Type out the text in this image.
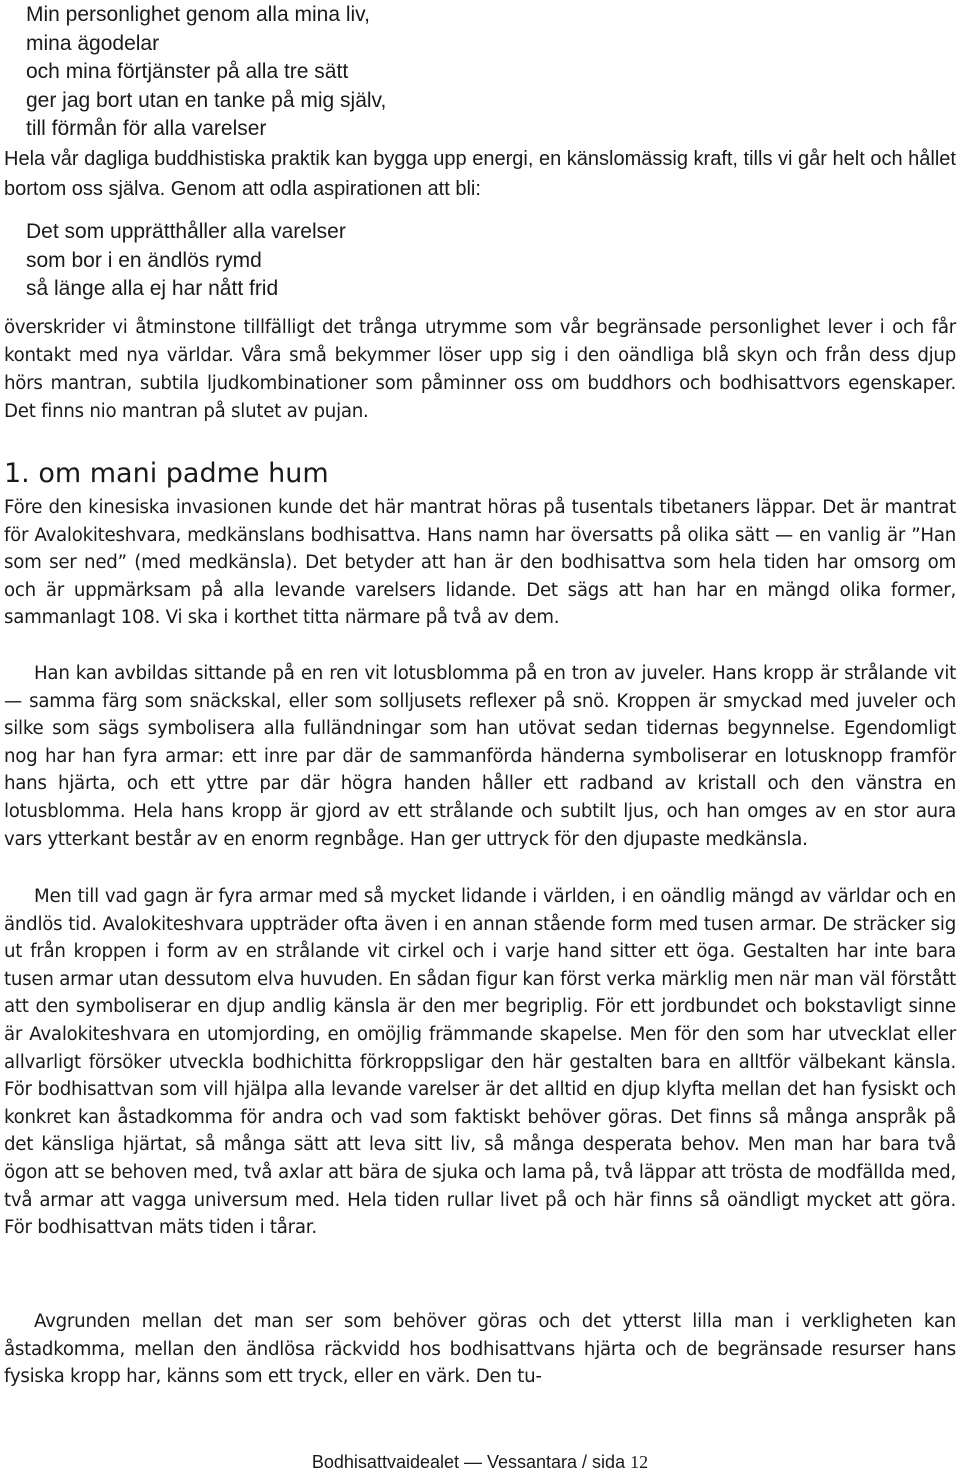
Min personlighet genom alla mina liv,
mina ägodelar
och mina förtjänster på alla tre sätt
ger jag bort utan en tanke på mig själv,
till förmån för alla varelser

Hela vår dagliga buddhistiska praktik kan bygga upp energi, en känslomässig kraft, tills vi går helt och hållet bortom oss själva. Genom att odla aspirationen att bli:

Det som upprätthåller alla varelser
som bor i en ändlös rymd
så länge alla ej har nått frid

överskrider vi åtminstone tillfälligt det trånga utrymme som vår begränsade personlighet lever i och får kontakt med nya världar. Våra små bekymmer löser upp sig i den oändliga blå skyn och från dess djup hörs mantran, subtila ljudkombinationer som påminner oss om buddhors och bodhisattvors egenskaper. Det finns nio mantran på slutet av pujan.

1. om mani padme hum

Före den kinesiska invasionen kunde det här mantrat höras på tusentals tibetaners läppar. Det är mantrat för Avalokiteshvara, medkänslans bodhisattva. Hans namn har översatts på olika sätt — en vanlig är ”Han som ser ned” (med medkänsla). Det betyder att han är den bodhisattva som hela tiden har omsorg om och är uppmärksam på alla levande varelsers lidande. Det sägs att han har en mängd olika former, sammanlagt 108. Vi ska i korthet titta närmare på två av dem.

Han kan avbildas sittande på en ren vit lotusblomma på en tron av juveler. Hans kropp är strålande vit — samma färg som snäckskal, eller som solljusets reflexer på snö. Kroppen är smyckad med juveler och silke som sägs symbolisera alla fulländningar som han utövat sedan tidernas begynnelse. Egendomligt nog har han fyra armar: ett inre par där de sammanförda händerna symboliserar en lotusknopp framför hans hjärta, och ett yttre par där högra handen håller ett radband av kristall och den vänstra en lotusblomma. Hela hans kropp är gjord av ett strålande och subtilt ljus, och han omges av en stor aura vars ytterkant består av en enorm regnbåge. Han ger uttryck för den djupaste medkänsla.

Men till vad gagn är fyra armar med så mycket lidande i världen, i en oändlig mängd av världar och en ändlös tid. Avalokiteshvara uppträder ofta även i en annan stående form med tusen armar. De sträcker sig ut från kroppen i form av en strålande vit cirkel och i varje hand sitter ett öga. Gestalten har inte bara tusen armar utan dessutom elva huvuden. En sådan figur kan först verka märklig men när man väl förstått att den symboliserar en djup andlig känsla är den mer begriplig. För ett jordbundet och bokstavligt sinne är Avalokiteshvara en utomjording, en omöjlig främmande skapelse. Men för den som har utvecklat eller allvarligt försöker utveckla bodhichitta förkroppsligar den här gestalten bara en alltför välbekant känsla. För bodhisattvan som vill hjälpa alla levande varelser är det alltid en djup klyfta mellan det han fysiskt och konkret kan åstadkomma för andra och vad som faktiskt behöver göras. Det finns så många anspråk på det känsliga hjärtat, så många sätt att leva sitt liv, så många desperata behov. Men man har bara två ögon att se behoven med, två axlar att bära de sjuka och lama på, två läppar att trösta de modfällda med, två armar att vagga universum med. Hela tiden rullar livet på och här finns så oändligt mycket att göra. För bodhisattvan mäts tiden i tårar.

Avgrunden mellan det man ser som behöver göras och det ytterst lilla man i verkligheten kan åstadkomma, mellan den ändlösa räckvidd hos bodhisattvans hjärta och de begränsade resurser hans fysiska kropp har, känns som ett tryck, eller en värk. Den tu-

Bodhisattvaidealet — Vessantara / sida 12
